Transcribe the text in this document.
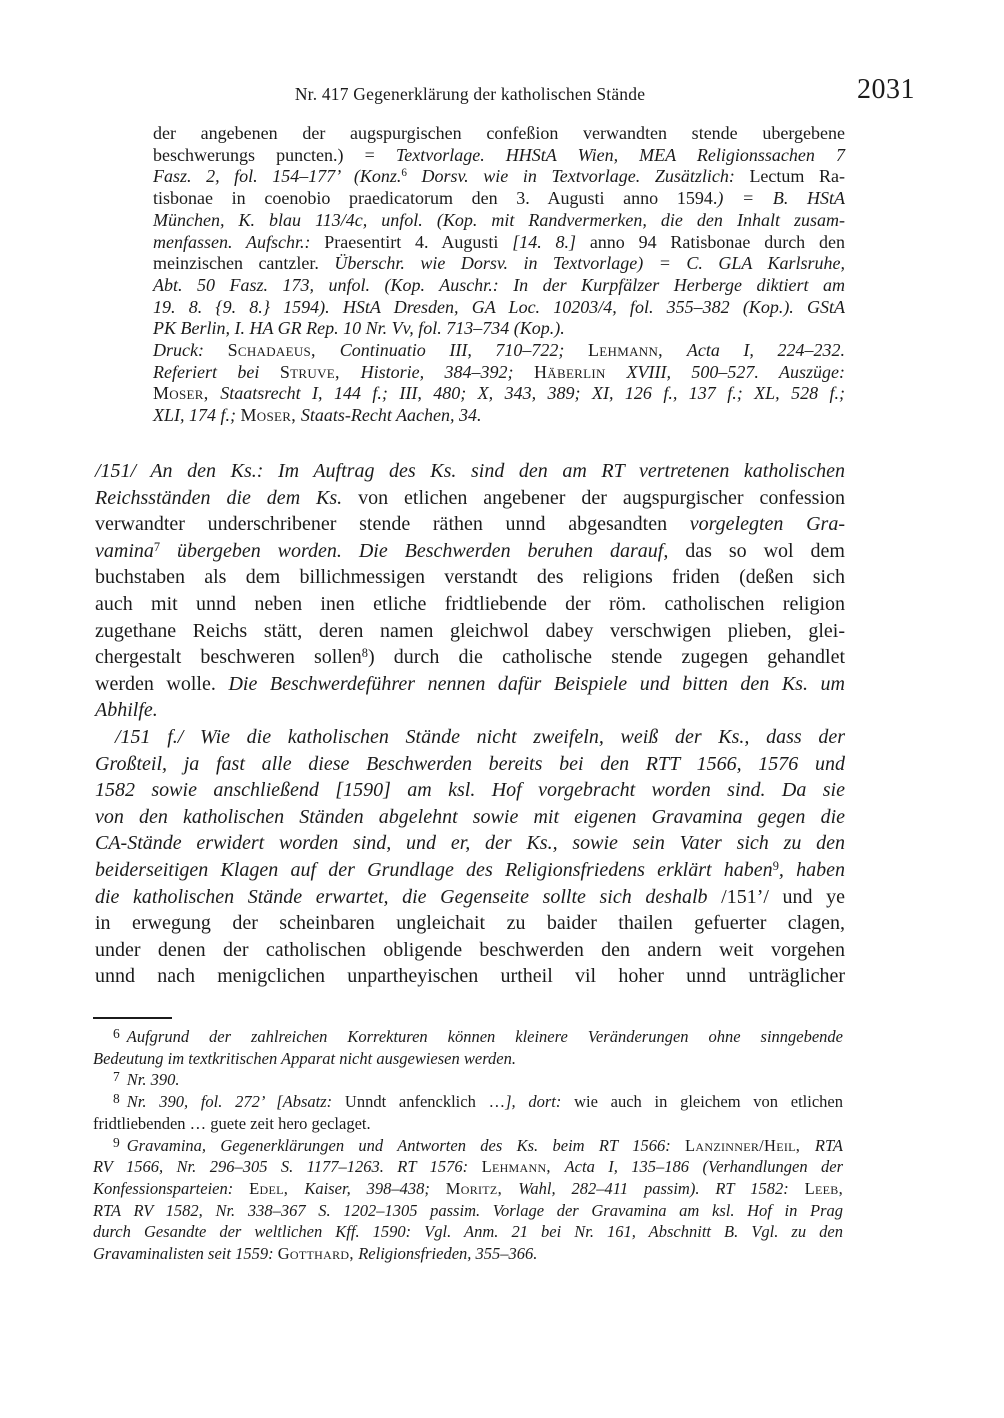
Nr. 417 Gegenerklärung der katholischen Stände	2031
der angebenen der augspurgischen confeßion verwandten stende ubergebene
beschwerungs puncten.) = Textvorlage. HHStA Wien, MEA Religionssachen 7
Fasz. 2, fol. 154–177’ (Konz.$^6$ Dorsv. wie in Textvorlage. Zusätzlich: Lectum Ra-
tisbonae in coenobio praedicatorum den 3. Augusti anno 1594.) = B. HStA
München, K. blau 113/4c, unfol. (Kop. mit Randvermerken, die den Inhalt zusam-
menfassen. Aufschr.: Praesentirt 4. Augusti [14. 8.] anno 94 Ratisbonae durch den
meinzischen cantzler. Überschr. wie Dorsv. in Textvorlage) = C. GLA Karlsruhe,
Abt. 50 Fasz. 173, unfol. (Kop. Auschr.: In der Kurpfälzer Herberge diktiert am
19. 8. {9. 8.} 1594). HStA Dresden, GA Loc. 10203/4, fol. 355–382 (Kop.). GStA
PK Berlin, I. HA GR Rep. 10 Nr. Vv, fol. 713–734 (Kop.).
Druck: Schadaeus, Continuatio III, 710–722; Lehmann, Acta I, 224–232.
Referiert bei Struve, Historie, 384–392; Häberlin XVIII, 500–527. Auszüge:
Moser, Staatsrecht I, 144 f.; III, 480; X, 343, 389; XI, 126 f., 137 f.; XL, 528 f.;
XLI, 174 f.; Moser, Staats-Recht Aachen, 34.
/151/ An den Ks.: Im Auftrag des Ks. sind den am RT vertretenen katholischen
Reichsständen die dem Ks. von etlichen angebener der augspurgischer confession
verwandter underschribener stende räthen unnd abgesandten vorgelegten Gra-
vamina$^7$ übergeben worden. Die Beschwerden beruhen darauf, das so wol dem
buchstaben als dem billichmessigen verstandt des religions friden (deßen sich
auch mit unnd neben inen etliche fridtliebende der röm. catholischen religion
zugethane Reichs stätt, deren namen gleichwol dabey verschwigen plieben, glei-
chergestalt beschweren sollen$^8$) durch die catholische stende zugegen gehandlet
werden wolle. Die Beschwerdeführer nennen dafür Beispiele und bitten den Ks. um
Abhilfe.
/151 f./ Wie die katholischen Stände nicht zweifeln, weiß der Ks., dass der
Großteil, ja fast alle diese Beschwerden bereits bei den RTT 1566, 1576 und
1582 sowie anschließend [1590] am ksl. Hof vorgebracht worden sind. Da sie
von den katholischen Ständen abgelehnt sowie mit eigenen Gravamina gegen die
CA-Stände erwidert worden sind, und er, der Ks., sowie sein Vater sich zu den
beiderseitigen Klagen auf der Grundlage des Religionsfriedens erklärt haben$^9$, haben
die katholischen Stände erwartet, die Gegenseite sollte sich deshalb /151’/ und ye
in erwegung der scheinbaren ungleichait zu baider thailen gefuerter clagen,
under denen der catholischen obligende beschwerden den andern weit vorgehen
unnd nach menigclichen unpartheyischen urtheil vil hoher unnd unträglicher
$^6$ Aufgrund der zahlreichen Korrekturen können kleinere Veränderungen ohne sinngebende
Bedeutung im textkritischen Apparat nicht ausgewiesen werden.
$^7$ Nr. 390.
$^8$ Nr. 390, fol. 272’ [Absatz: Unndt anfencklich …], dort: wie auch in gleichem von etlichen
fridtliebenden … guete zeit hero geclaget.
$^9$ Gravamina, Gegenerklärungen und Antworten des Ks. beim RT 1566: Lanzinner/Heil, RTA
RV 1566, Nr. 296–305 S. 1177–1263. RT 1576: Lehmann, Acta I, 135–186 (Verhandlungen der
Konfessionsparteien: Edel, Kaiser, 398–438; Moritz, Wahl, 282–411 passim). RT 1582: Leeb,
RTA RV 1582, Nr. 338–367 S. 1202–1305 passim. Vorlage der Gravamina am ksl. Hof in Prag
durch Gesandte der weltlichen Kff. 1590: Vgl. Anm. 21 bei Nr. 161, Abschnitt B. Vgl. zu den
Gravaminalisten seit 1559: Gotthard, Religionsfrieden, 355–366.
